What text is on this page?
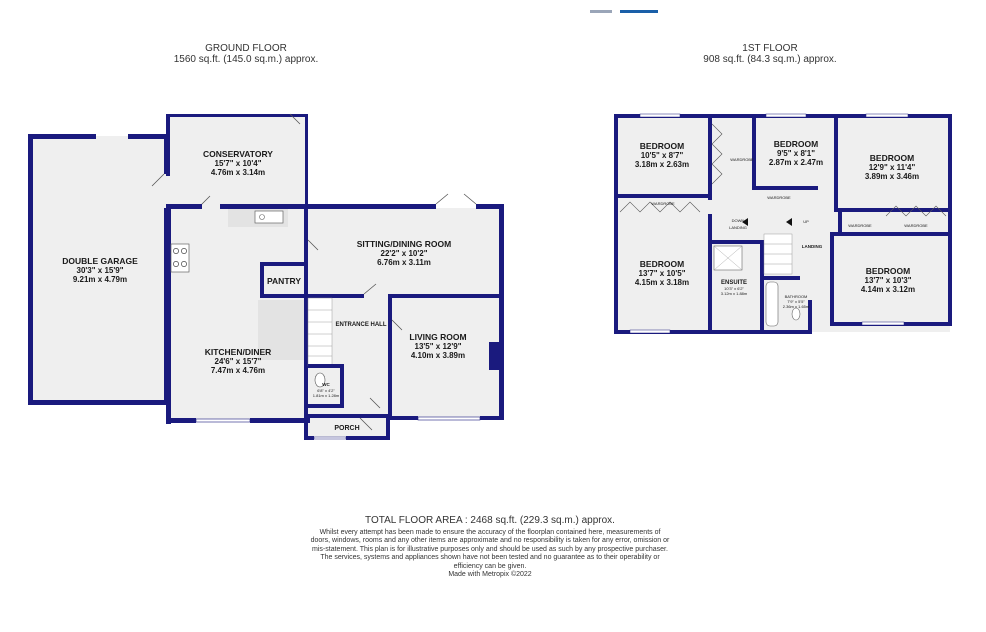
GROUND FLOOR
1560 sq.ft. (145.0 sq.m.) approx.
1ST FLOOR
908 sq.ft. (84.3 sq.m.) approx.
DOUBLE GARAGE
30'3" x 15'9"
9.21m x 4.79m
CONSERVATORY
15'7" x 10'4"
4.76m x 3.14m
SITTING/DINING ROOM
22'2" x 10'2"
6.76m x 3.11m
PANTRY
ENTRANCE HALL
LIVING ROOM
13'5" x 12'9"
4.10m x 3.89m
KITCHEN/DINER
24'6" x 15'7"
7.47m x 4.76m
WC
6'8" x 4'2"
1.81m x 1.28m
PORCH
BEDROOM
10'5" x 8'7"
3.18m x 2.63m
BEDROOM
9'5" x 8'1"
2.87m x 2.47m	BEDROOM
12'9" x 11'4"
3.89m x 3.46m
BEDROOM
13'7" x 10'5"
4.15m x 3.18m
BEDROOM
13'7" x 10'3"
4.14m x 3.12m
ENSUITE
10'3" x 6'2"
3.12m x 1.88m
BATHROOM
7'9" x 5'5"
2.36m x 1.65m
LANDING
LANDING
DOWN	UP
WARDROBE
WARDROBE
WARDROBE
WARDROBE	WARDROBE
TOTAL FLOOR AREA : 2468 sq.ft. (229.3 sq.m.) approx.
Whilst every attempt has been made to ensure the accuracy of the floorplan contained here, measurements of doors, windows, rooms and any other items are approximate and no responsibility is taken for any error, omission or mis-statement. This plan is for illustrative purposes only and should be used as such by any prospective purchaser. The services, systems and appliances shown have not been tested and no guarantee as to their operability or efficiency can be given.
Made with Metropix ©2022
